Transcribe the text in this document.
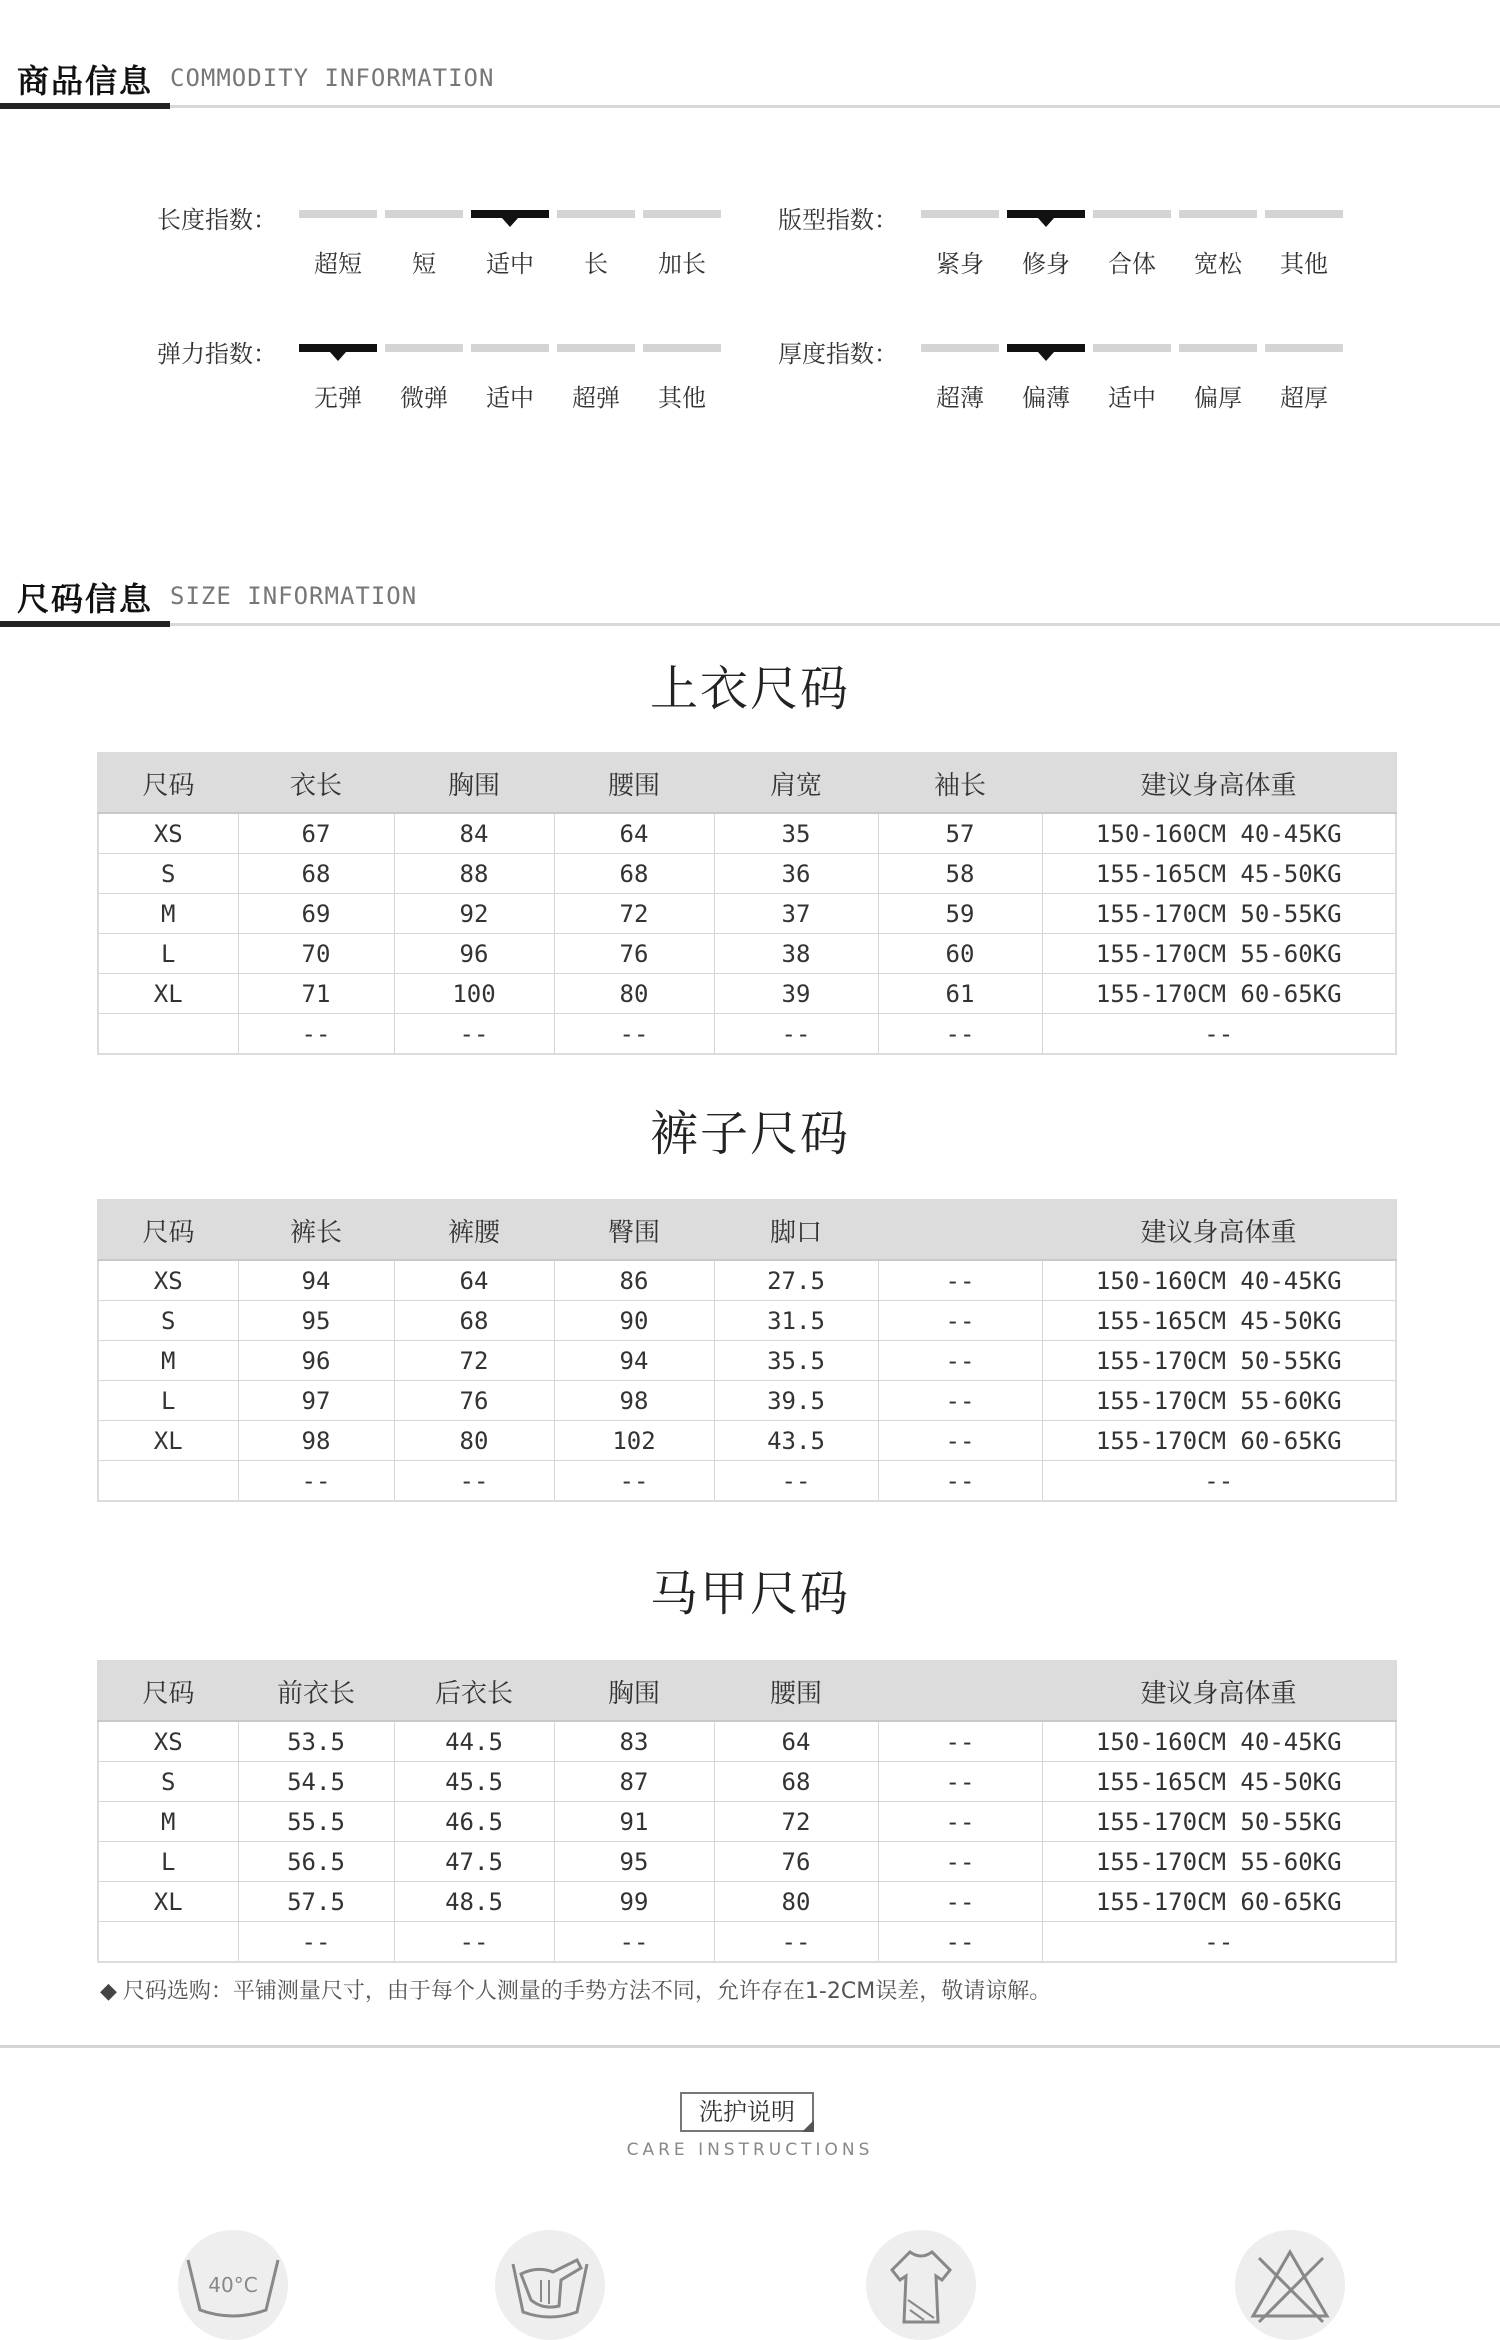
商品信息 COMMODITY INFORMATION
长度指数：
超短	短	适中	长	加长
版型指数：
紧身	修身	合体	宽松	其他
弹力指数：
无弹	微弹	适中	超弹	其他
厚度指数：
超薄	偏薄	适中	偏厚	超厚
尺码信息 SIZE INFORMATION
上衣尺码
尺码	衣长	胸围	腰围	肩宽	袖长	建议身高体重
XS	67	84	64	35	57	150-160CM 40-45KG
S	68	88	68	36	58	155-165CM 45-50KG
M	69	92	72	37	59	155-170CM 50-55KG
L	70	96	76	38	60	155-170CM 55-60KG
XL	71	100	80	39	61	155-170CM 60-65KG
	--	--	--	--	--	--
裤子尺码
尺码	裤长	裤腰	臀围	脚口		建议身高体重
XS	94	64	86	27.5	--	150-160CM 40-45KG
S	95	68	90	31.5	--	155-165CM 45-50KG
M	96	72	94	35.5	--	155-170CM 50-55KG
L	97	76	98	39.5	--	155-170CM 55-60KG
XL	98	80	102	43.5	--	155-170CM 60-65KG
	--	--	--	--	--	--
马甲尺码
尺码	前衣长	后衣长	胸围	腰围		建议身高体重
XS	53.5	44.5	83	64	--	150-160CM 40-45KG
S	54.5	45.5	87	68	--	155-165CM 45-50KG
M	55.5	46.5	91	72	--	155-170CM 50-55KG
L	56.5	47.5	95	76	--	155-170CM 55-60KG
XL	57.5	48.5	99	80	--	155-170CM 60-65KG
	--	--	--	--	--	--
◆ 尺码选购：平铺测量尺寸，由于每个人测量的手势方法不同，允许存在1-2CM误差，敬请谅解。
洗护说明
CARE INSTRUCTIONS
40°C
